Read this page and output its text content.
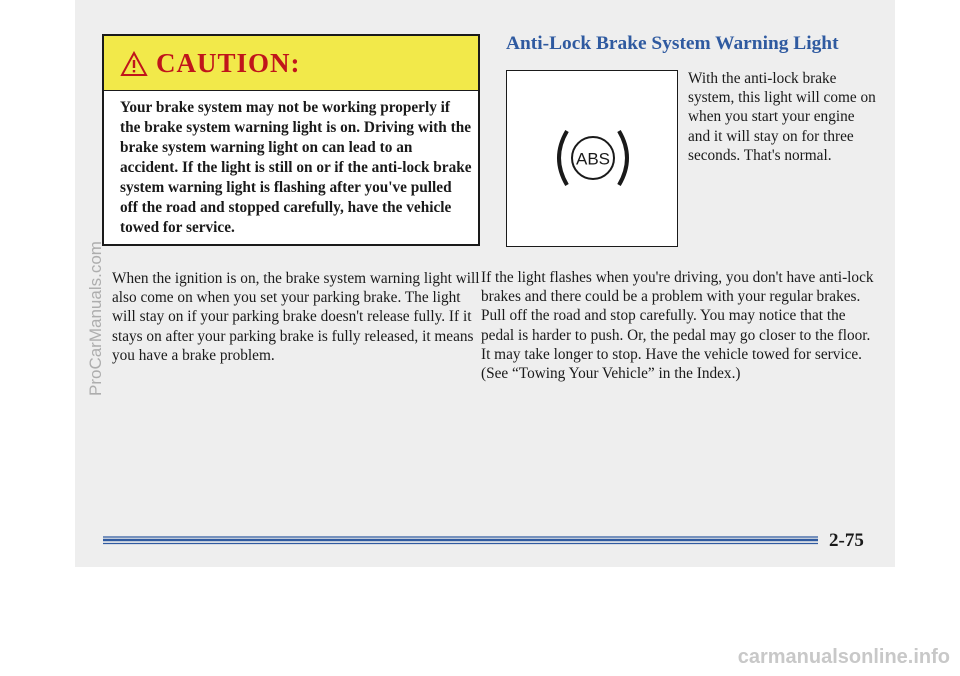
CAUTION:

Your brake system may not be working properly if the brake system warning light is on. Driving with the brake system warning light on can lead to an accident. If the light is still on or if the anti-lock brake system warning light is flashing after you've pulled off the road and stopped carefully, have the vehicle towed for service.

When the ignition is on, the brake system warning light will also come on when you set your parking brake. The light will stay on if your parking brake doesn't release fully. If it stays on after your parking brake is fully released, it means you have a brake problem.

Anti-Lock Brake System Warning Light
ABS

With the anti-lock brake system, this light will come on when you start your engine and it will stay on for three seconds. That's normal.

If the light flashes when you're driving, you don't have anti-lock brakes and there could be a problem with your regular brakes. Pull off the road and stop carefully. You may notice that the pedal is harder to push. Or, the pedal may go closer to the floor. It may take longer to stop. Have the vehicle towed for service. (See “Towing Your Vehicle” in the Index.)

2-75
ProCarManuals.com
carmanualsonline.info
